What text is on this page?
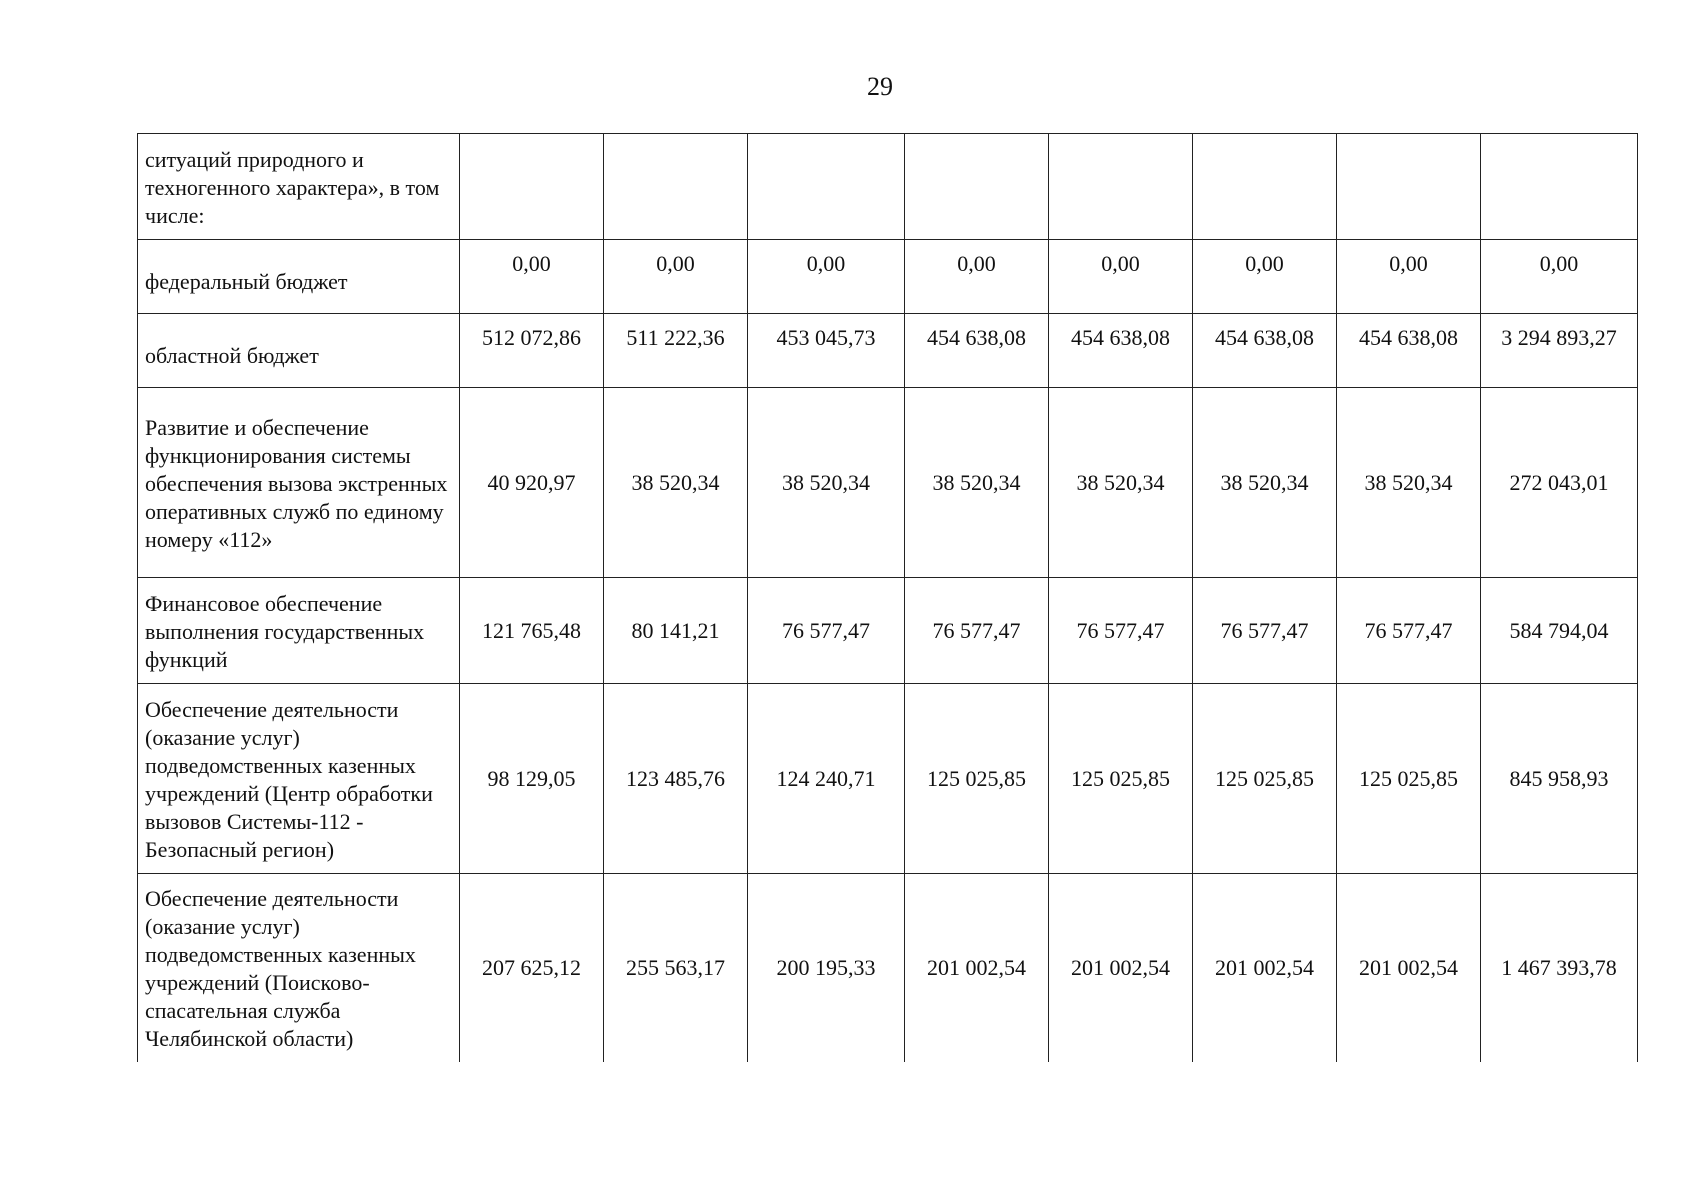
29
ситуаций природного и техногенного характера», в том числе:								
федеральный бюджет	0,00	0,00	0,00	0,00	0,00	0,00	0,00	0,00
областной бюджет	512 072,86	511 222,36	453 045,73	454 638,08	454 638,08	454 638,08	454 638,08	3 294 893,27
Развитие и обеспечение функционирования системы обеспечения вызова экстренных оперативных служб по единому номеру «112»	40 920,97	38 520,34	38 520,34	38 520,34	38 520,34	38 520,34	38 520,34	272 043,01
Финансовое обеспечение выполнения государственных функций	121 765,48	80 141,21	76 577,47	76 577,47	76 577,47	76 577,47	76 577,47	584 794,04
Обеспечение деятельности (оказание услуг) подведомственных казенных учреждений (Центр обработки вызовов Системы-112 - Безопасный регион)	98 129,05	123 485,76	124 240,71	125 025,85	125 025,85	125 025,85	125 025,85	845 958,93
Обеспечение деятельности (оказание услуг) подведомственных казенных учреждений (Поисково-спасательная служба Челябинской области)	207 625,12	255 563,17	200 195,33	201 002,54	201 002,54	201 002,54	201 002,54	1 467 393,78
